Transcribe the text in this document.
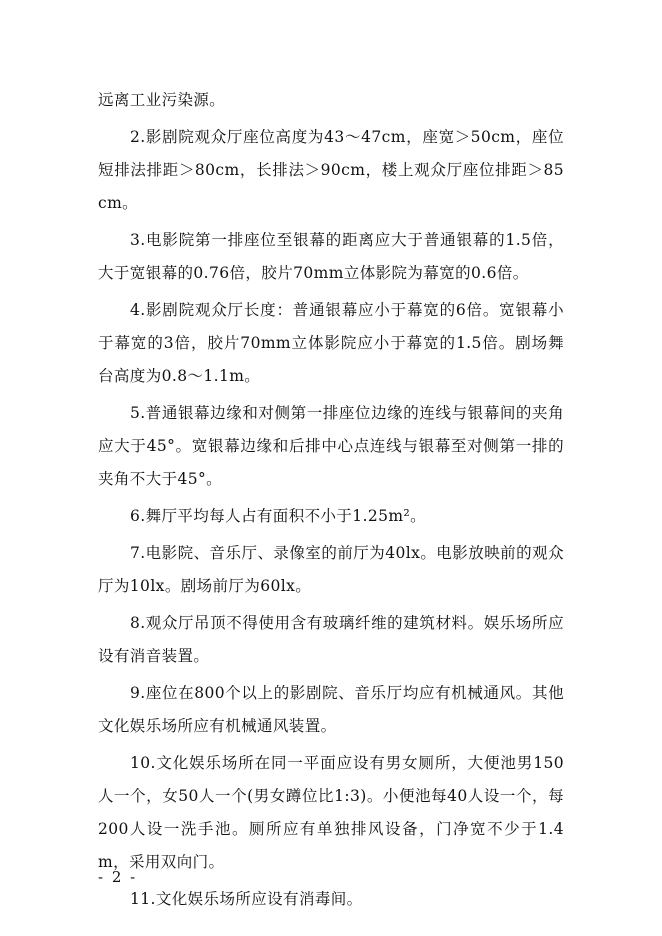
远离工业污染源。

2.影剧院观众厅座位高度为43～47cm，座宽＞50cm，座位短排法排距＞80cm，长排法＞90cm，楼上观众厅座位排距＞85cm。

3.电影院第一排座位至银幕的距离应大于普通银幕的1.5倍，大于宽银幕的0.76倍，胶片70mm立体影院为幕宽的0.6倍。

4.影剧院观众厅长度：普通银幕应小于幕宽的6倍。宽银幕小于幕宽的3倍，胶片70mm立体影院应小于幕宽的1.5倍。剧场舞台高度为0.8～1.1m。

5.普通银幕边缘和对侧第一排座位边缘的连线与银幕间的夹角应大于45°。宽银幕边缘和后排中心点连线与银幕至对侧第一排的夹角不大于45°。

6.舞厅平均每人占有面积不小于1.25m²。

7.电影院、音乐厅、录像室的前厅为40lx。电影放映前的观众厅为10lx。剧场前厅为60lx。

8.观众厅吊顶不得使用含有玻璃纤维的建筑材料。娱乐场所应设有消音装置。

9.座位在800个以上的影剧院、音乐厅均应有机械通风。其他文化娱乐场所应有机械通风装置。

10.文化娱乐场所在同一平面应设有男女厕所，大便池男150人一个，女50人一个(男女蹲位比1:3)。小便池每40人设一个，每200人设一洗手池。厕所应有单独排风设备，门净宽不少于1.4m，采用双向门。

11.文化娱乐场所应设有消毒间。

- 2 -
